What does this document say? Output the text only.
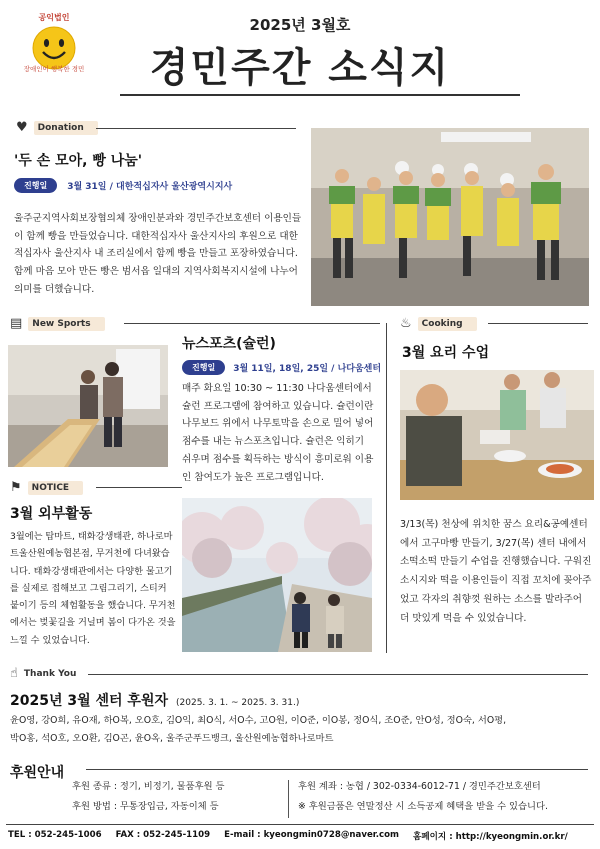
공익법인
장애인이 행복한 경민
2025년 3월호
경민주간 소식지
♥	Donation
'두 손 모아, 빵 나눔'
진행일	3월 31일 / 대한적십자사 울산광역시지사
울주군지역사회보장협의체 장애인분과와 경민주간보호센터 이용인들이 함께 빵을 만들었습니다. 대한적십자사 울산지사의 후원으로 대한적십자사 울산지사 내 조리실에서 함께 빵을 만들고 포장하였습니다. 함께 마음 모아 만든 빵은 범서읍 일대의 지역사회복지시설에 나누어 의미를 더했습니다.
▤	New Sports
뉴스포츠(슐런)
진행일	3월 11일, 18일, 25일 / 나다움센터
매주 화요일 10:30 ~ 11:30 나다움센터에서 슐런 프로그램에 참여하고 있습니다. 슐런이란 나무보드 위에서 나무토막을 손으로 밀어 넣어 점수를 내는 뉴스포츠입니다. 슐런은 익히기 쉬우며 점수를 획득하는 방식이 흥미로워 이용인 참여도가 높은 프로그램입니다.
♨	Cooking
3월 요리 수업
3/13(목) 천상에 위치한 꿈스 요리&공예센터에서 고구마빵 만들기, 3/27(목) 센터 내에서 소떡소떡 만들기 수업을 진행했습니다. 구워진 소시지와 떡을 이용인들이 직접 꼬치에 꽂아주었고 각자의 취향껏 원하는 소스를 발라주어 더 맛있게 먹을 수 있었습니다.
⚑	NOTICE
3월 외부활동
3월에는 탑마트, 태화강생태관, 하나로마트울산원예농협본점, 무거천에 다녀왔습니다. 태화강생태관에서는 다양한 물고기를 실제로 접해보고 그림그리기, 스티커 붙이기 등의 체험활동을 했습니다. 무거천에서는 벚꽃길을 거닐며 봄이 다가온 것을 느낄 수 있었습니다.
☝ Thank You
2025년 3월 센터 후원자 (2025. 3. 1. ~ 2025. 3. 31.)
윤O영, 강O희, 유O재, 하O복, 오O호, 김O익, 최O식, 서O수, 고O원, 이O준, 이O봉, 정O식, 조O준, 안O성, 정O숙, 서O평,
박O홍, 석O호, 오O환, 김O곤, 윤O옥, 울주군푸드뱅크, 울산원예농협하나로마트
후원안내
후원 종류 : 정기, 비정기, 물품후원 등
후원 방법 : 무통장입금, 자동이체 등
후원 계좌 : 농협 / 302-0334-6012-71 / 경민주간보호센터
※ 후원금품은 연말정산 시 소득공제 혜택을 받을 수 있습니다.
TEL : 052-245-1006 FAX : 052-245-1109 E-mail : kyeongmin0728@naver.com 홈페이지 : http://kyeongmin.or.kr/
